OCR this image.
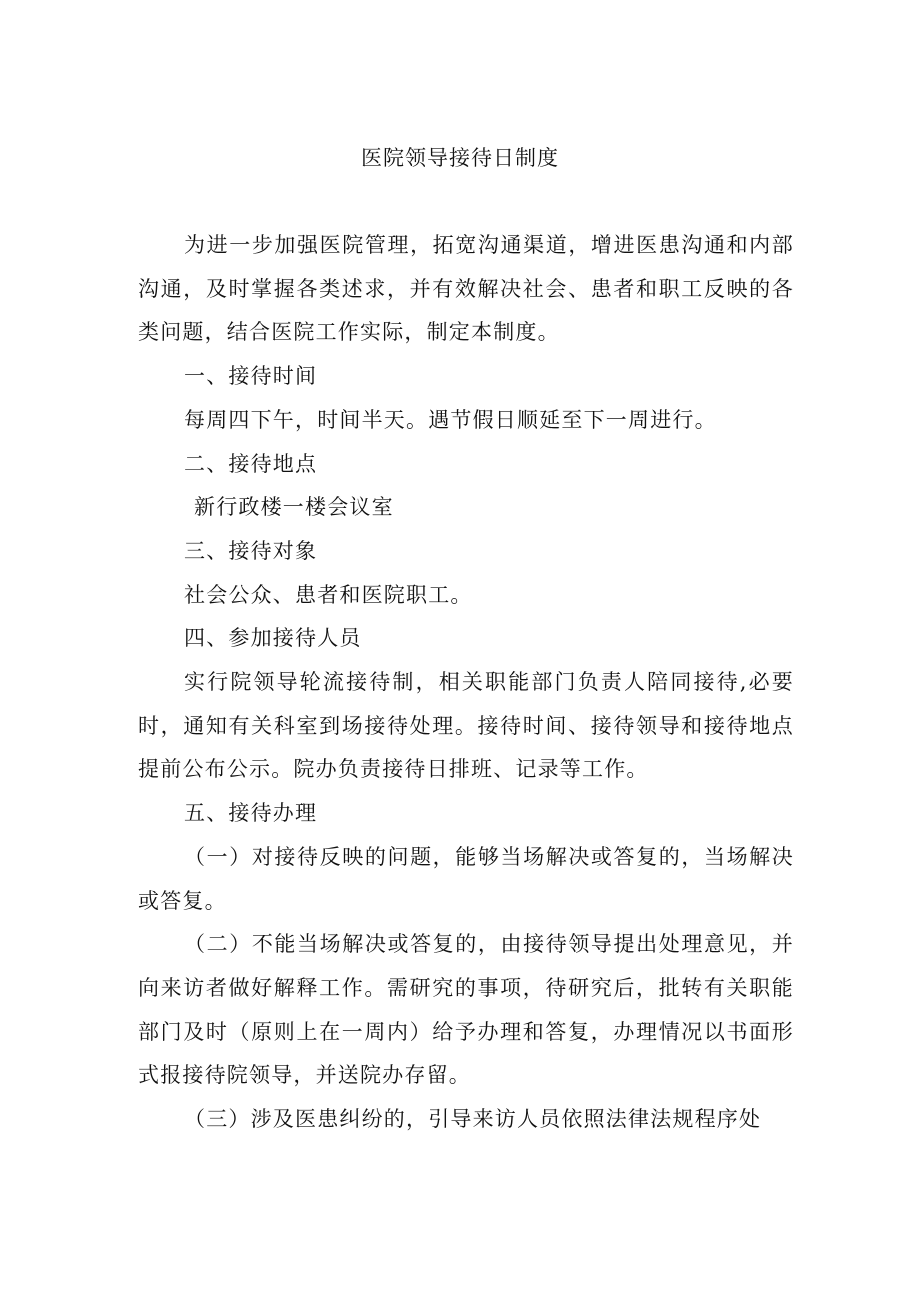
医院领导接待日制度

为进一步加强医院管理，拓宽沟通渠道，增进医患沟通和内部沟通，及时掌握各类述求，并有效解决社会、患者和职工反映的各类问题，结合医院工作实际，制定本制度。

一、接待时间

每周四下午，时间半天。遇节假日顺延至下一周进行。

二、接待地点

新行政楼一楼会议室

三、接待对象

社会公众、患者和医院职工。

四、参加接待人员

实行院领导轮流接待制，相关职能部门负责人陪同接待,必要时，通知有关科室到场接待处理。接待时间、接待领导和接待地点提前公布公示。院办负责接待日排班、记录等工作。

五、接待办理

（一）对接待反映的问题，能够当场解决或答复的，当场解决或答复。

（二）不能当场解决或答复的，由接待领导提出处理意见，并向来访者做好解释工作。需研究的事项，待研究后，批转有关职能部门及时（原则上在一周内）给予办理和答复，办理情况以书面形式报接待院领导，并送院办存留。

（三）涉及医患纠纷的，引导来访人员依照法律法规程序处
